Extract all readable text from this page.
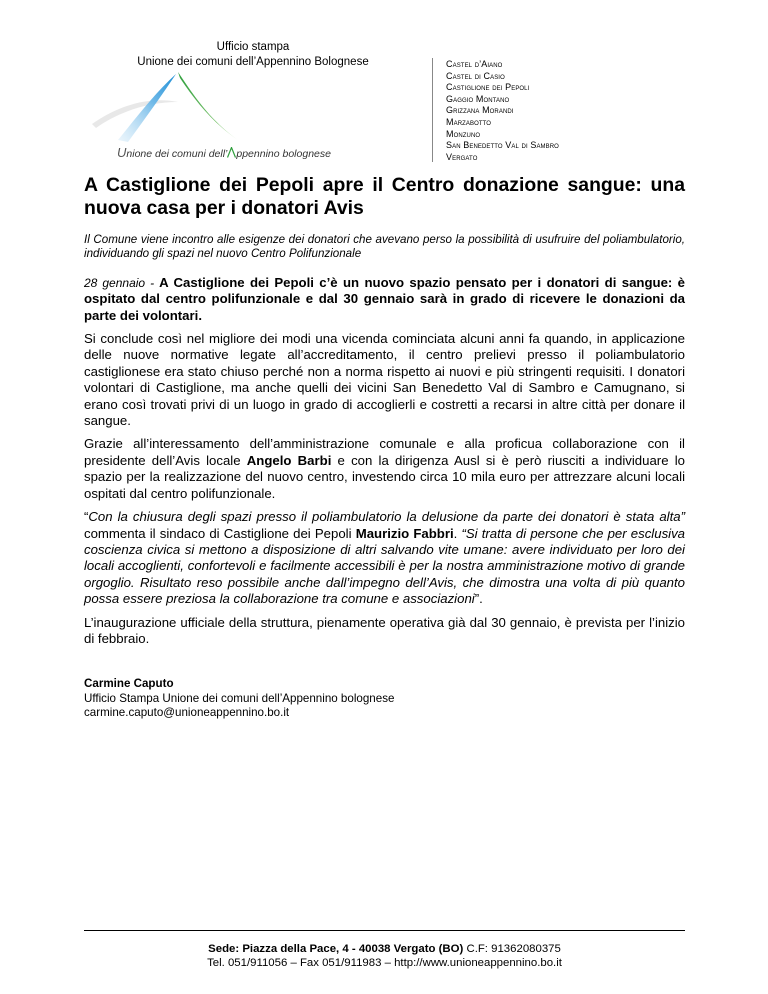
Ufficio stampa
Unione dei comuni dell’Appennino Bolognese
Unione dei comuni dell’ ppennino bolognese
Castel d’Aiano
Castel di Casio
Castiglione dei Pepoli
Gaggio Montano
Grizzana Morandi
Marzabotto
Monzuno
San Benedetto Val di Sambro
Vergato
A Castiglione dei Pepoli apre il Centro donazione sangue: una nuova casa per i donatori Avis

Il Comune viene incontro alle esigenze dei donatori che avevano perso la possibilità di usufruire del poliambulatorio, individuando gli spazi nel nuovo Centro Polifunzionale

28 gennaio - A Castiglione dei Pepoli c’è un nuovo spazio pensato per i donatori di sangue: è ospitato dal centro polifunzionale e dal 30 gennaio sarà in grado di ricevere le donazioni da parte dei volontari.

Si conclude così nel migliore dei modi una vicenda cominciata alcuni anni fa quando, in applicazione delle nuove normative legate all’accreditamento, il centro prelievi presso il poliambulatorio castiglionese era stato chiuso perché non a norma rispetto ai nuovi e più stringenti requisiti. I donatori volontari di Castiglione, ma anche quelli dei vicini San Benedetto Val di Sambro e Camugnano, si erano così trovati privi di un luogo in grado di accoglierli e costretti a recarsi in altre città per donare il sangue.

Grazie all’interessamento dell’amministrazione comunale e alla proficua collaborazione con il presidente dell’Avis locale Angelo Barbi e con la dirigenza Ausl si è però riusciti a individuare lo spazio per la realizzazione del nuovo centro, investendo circa 10 mila euro per attrezzare alcuni locali ospitati dal centro polifunzionale.

“Con la chiusura degli spazi presso il poliambulatorio la delusione da parte dei donatori è stata alta” commenta il sindaco di Castiglione dei Pepoli Maurizio Fabbri. “Si tratta di persone che per esclusiva coscienza civica si mettono a disposizione di altri salvando vite umane: avere individuato per loro dei locali accoglienti, confortevoli e facilmente accessibili è per la nostra amministrazione motivo di grande orgoglio. Risultato reso possibile anche dall’impegno dell’Avis, che dimostra una volta di più quanto possa essere preziosa la collaborazione tra comune e associazioni”.

L’inaugurazione ufficiale della struttura, pienamente operativa già dal 30 gennaio, è prevista per l’inizio di febbraio.

Carmine Caputo
Ufficio Stampa Unione dei comuni dell’Appennino bolognese
carmine.caputo@unioneappennino.bo.it
Sede: Piazza della Pace, 4 - 40038 Vergato (BO) C.F: 91362080375
Tel. 051/911056 – Fax 051/911983 – http://www.unioneappennino.bo.it
